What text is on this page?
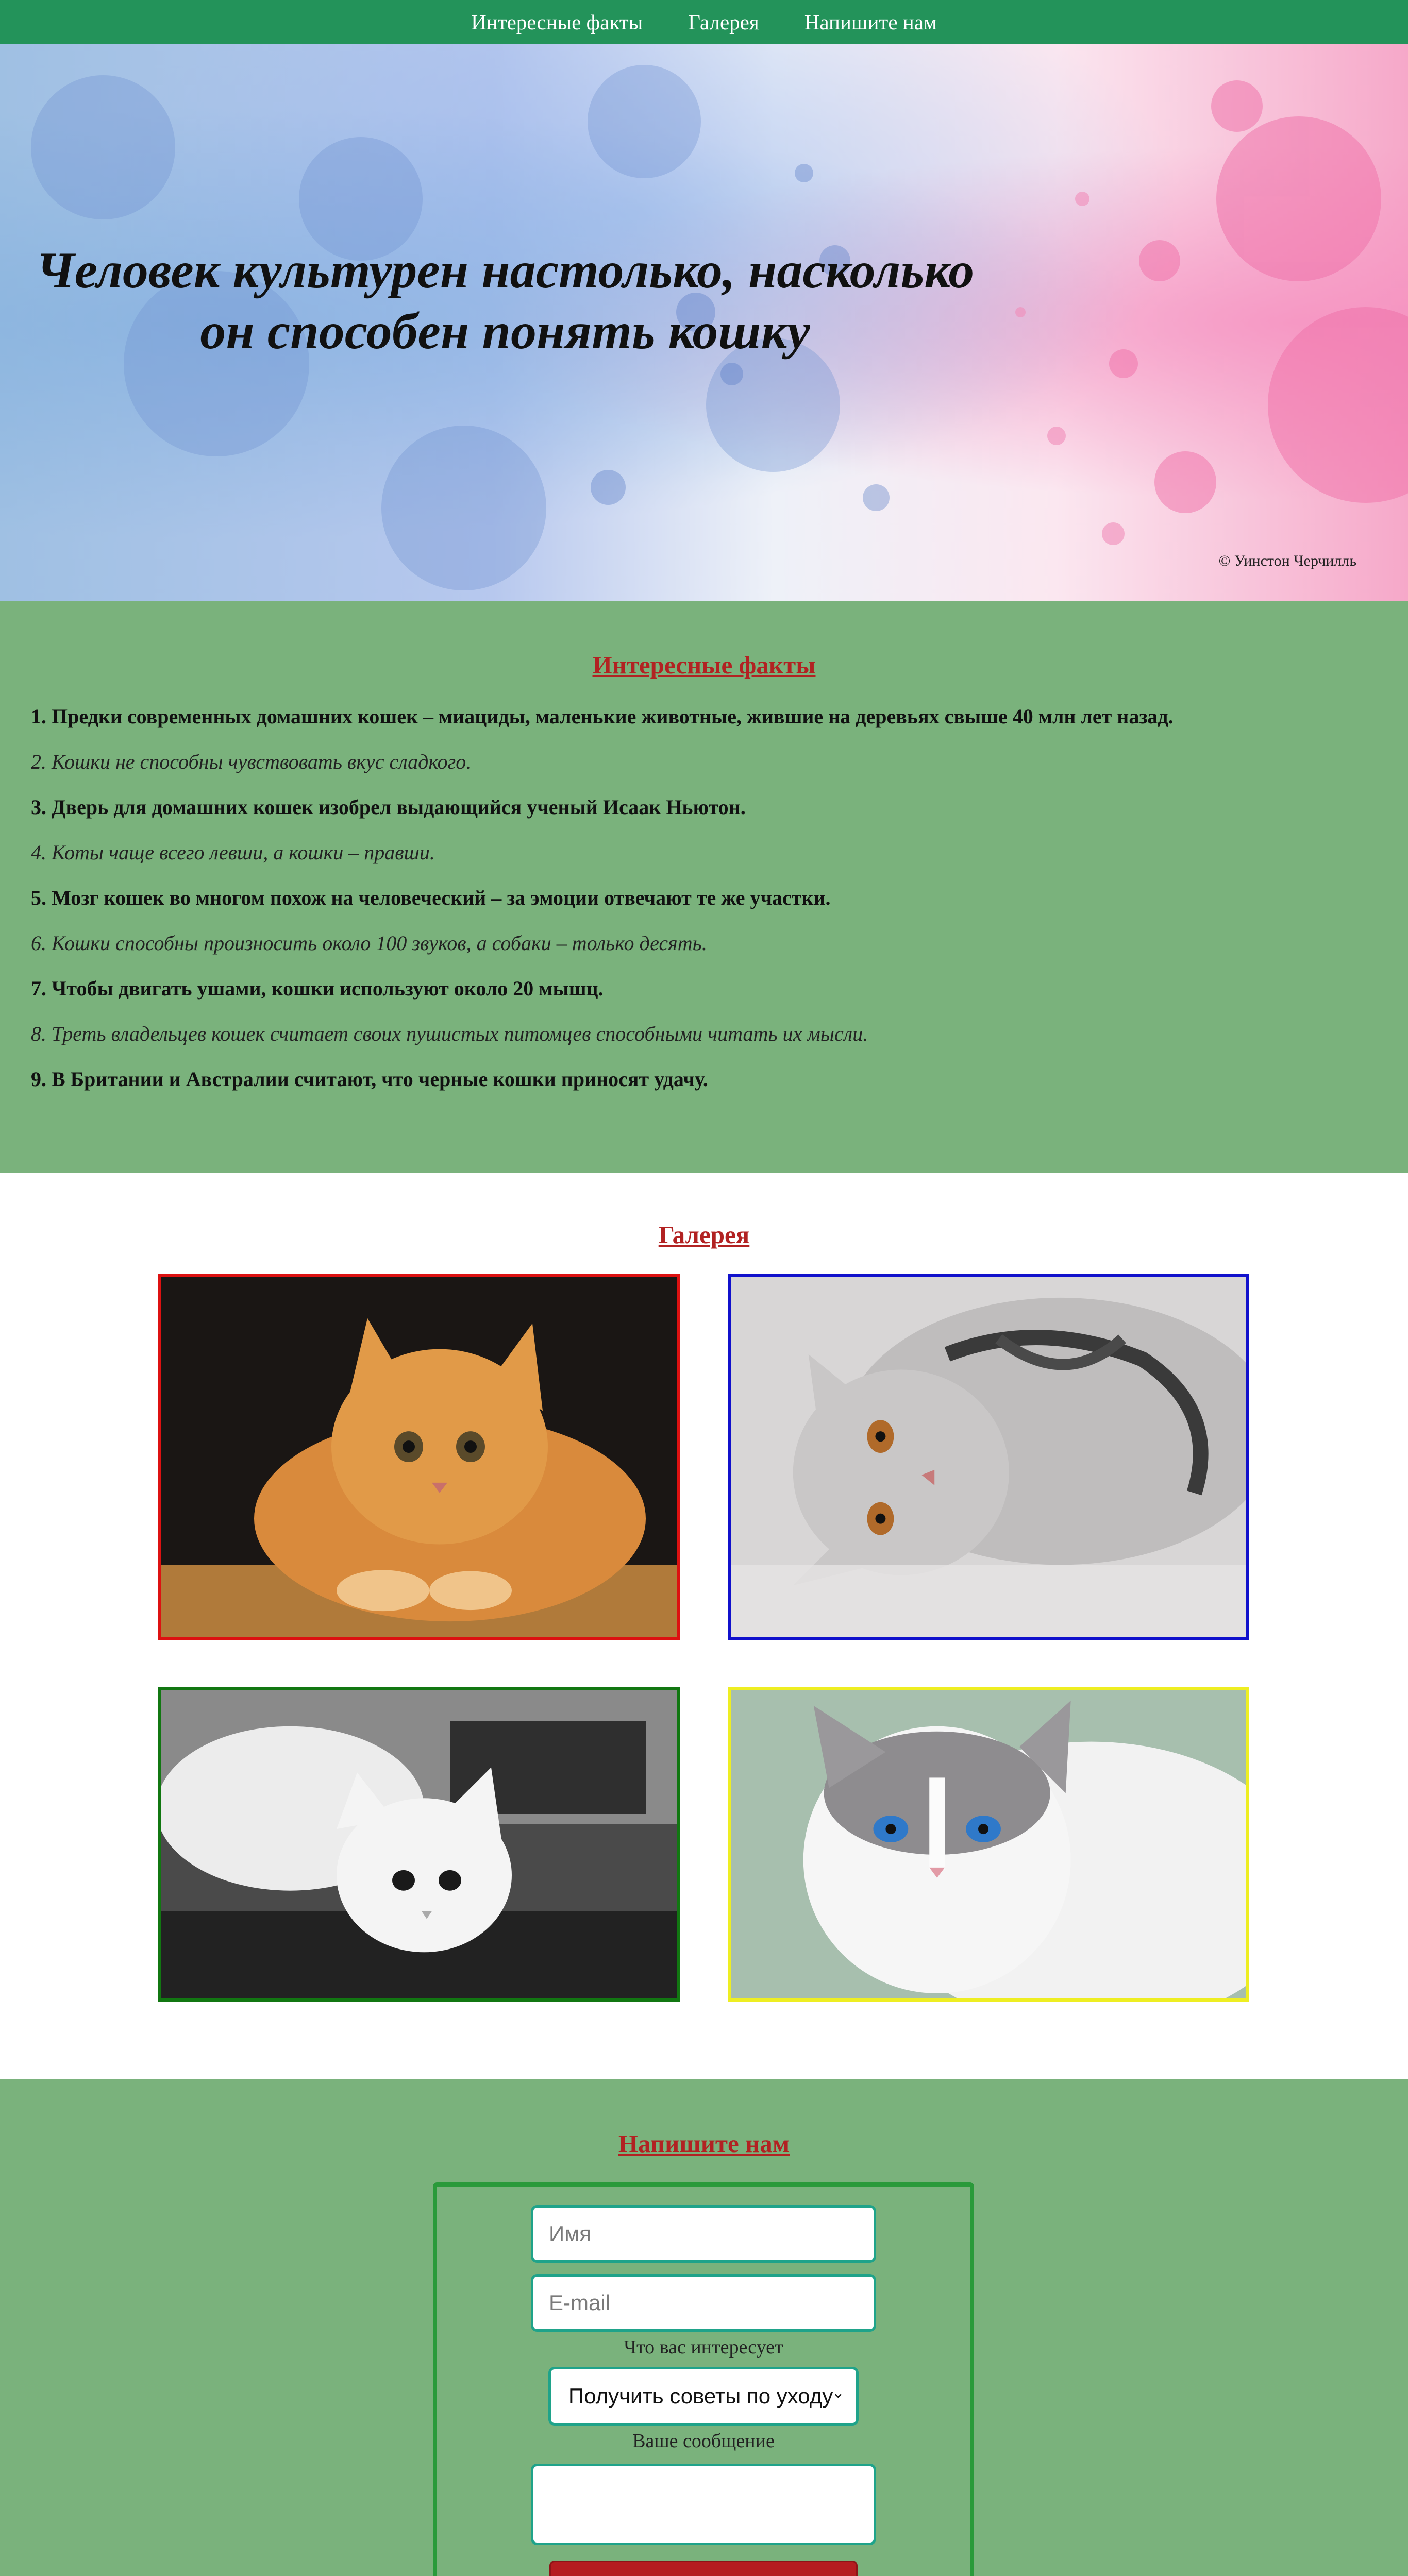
Интересные факты Галерея Напишите нам
Человек культурен настолько, насколько он способен понять кошку
© Уинстон Черчилль
Интересные факты
1. Предки современных домашних кошек – миациды, маленькие животные, жившие на деревьях свыше 40 млн лет назад.
2. Кошки не способны чувствовать вкус сладкого.
3. Дверь для домашних кошек изобрел выдающийся ученый Исаак Ньютон.
4. Коты чаще всего левши, а кошки – правши.
5. Мозг кошек во многом похож на человеческий – за эмоции отвечают те же участки.
6. Кошки способны произносить около 100 звуков, а собаки – только десять.
7. Чтобы двигать ушами, кошки используют около 20 мышц.
8. Треть владельцев кошек считает своих пушистых питомцев способными читать их мысли.
9. В Британии и Австралии считают, что черные кошки приносят удачу.
Галерея
Напишите нам
Имя
E-mail
Что вас интересует
Получить советы по уходу
⌄
Ваше сообщение
